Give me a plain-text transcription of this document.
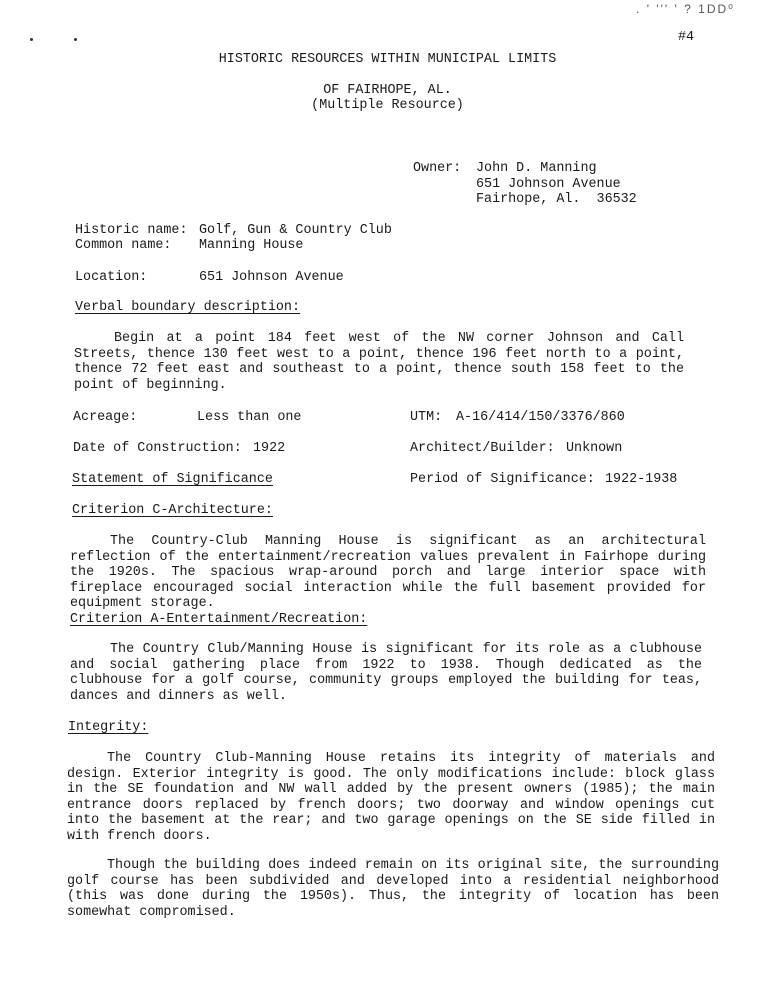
. ' ''' ' ? 1DD⁰
#4
HISTORIC RESOURCES WITHIN MUNICIPAL LIMITS
OF FAIRHOPE, AL.
(Multiple Resource)
Owner: John D. Manning
651 Johnson Avenue
Fairhope, Al.  36532
Historic name: Golf, Gun & Country Club
Common name: Manning House
Location:	651 Johnson Avenue
Verbal boundary description:
Begin at a point 184 feet west of the NW corner Johnson and Call Streets, thence 130 feet west to a point, thence 196 feet north to a point, thence 72 feet east and southeast to a point, thence south 158 feet to the point of beginning.
Acreage:	Less than one	UTM: A-16/414/150/3376/860
Date of Construction: 1922	Architect/Builder: Unknown
Statement of Significance	Period of Significance: 1922-1938
Criterion C-Architecture:
The Country-Club Manning House is significant as an architectural reflection of the entertainment/recreation values prevalent in Fairhope during the 1920s. The spacious wrap-around porch and large interior space with fireplace encouraged social interaction while the full basement provided for equipment storage.
Criterion A-Entertainment/Recreation:
The Country Club/Manning House is significant for its role as a clubhouse and social gathering place from 1922 to 1938. Though dedicated as the clubhouse for a golf course, community groups employed the building for teas, dances and dinners as well.
Integrity:
The Country Club-Manning House retains its integrity of materials and design. Exterior integrity is good. The only modifications include: block glass in the SE foundation and NW wall added by the present owners (1985); the main entrance doors replaced by french doors; two doorway and window openings cut into the basement at the rear; and two garage openings on the SE side filled in with french doors.
Though the building does indeed remain on its original site, the surrounding golf course has been subdivided and developed into a residential neighborhood (this was done during the 1950s). Thus, the integrity of location has been somewhat compromised.
